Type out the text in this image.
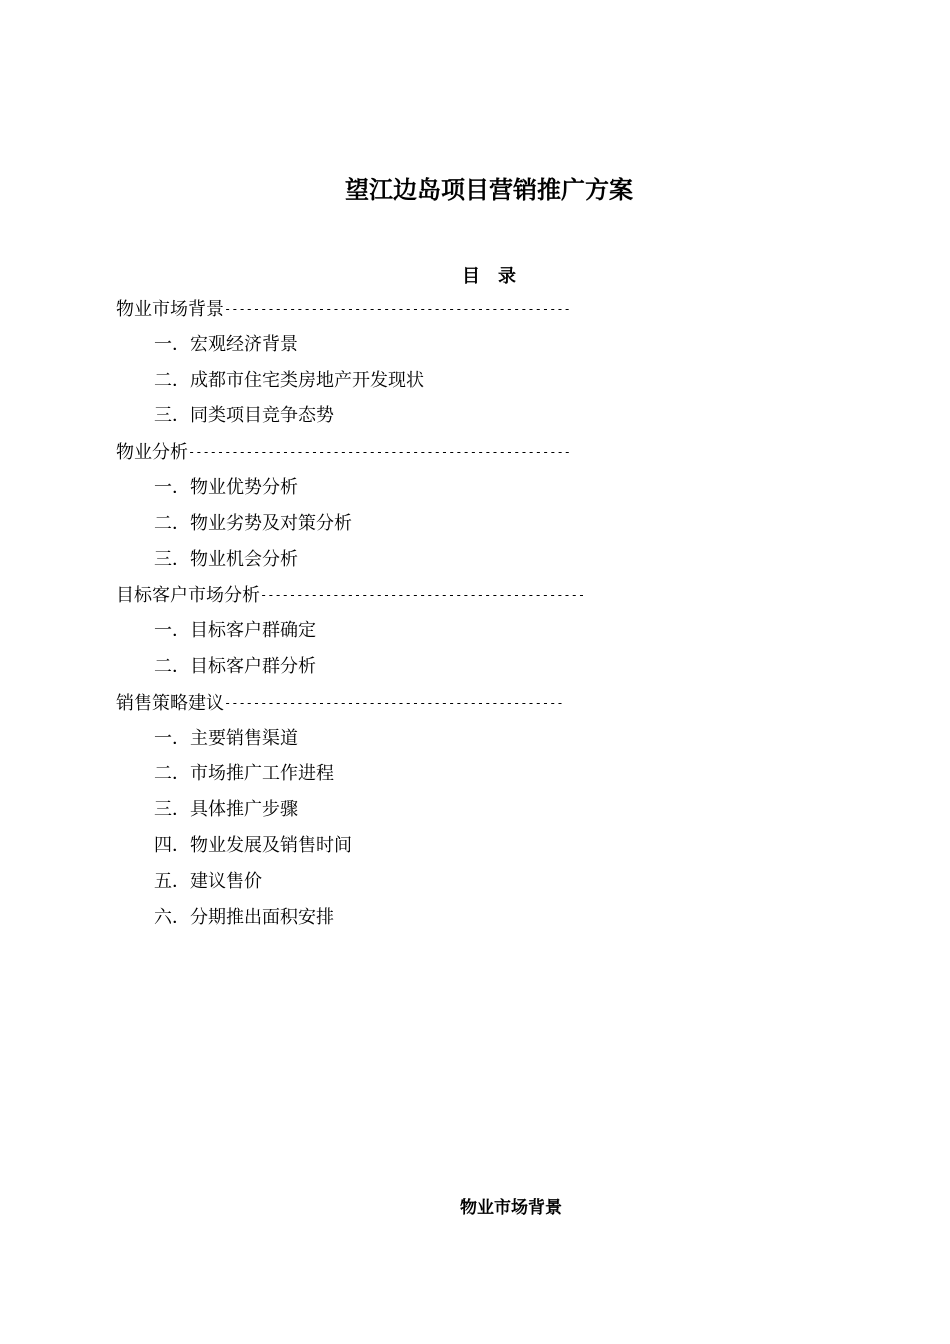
望江边岛项目营销推广方案
目 录
物业市场背景------------------------------------------------
一．宏观经济背景
二．成都市住宅类房地产开发现状
三．同类项目竞争态势
物业分析-----------------------------------------------------
一．物业优势分析
二．物业劣势及对策分析
三．物业机会分析
目标客户市场分析---------------------------------------------
一．目标客户群确定
二．目标客户群分析
销售策略建议-----------------------------------------------
一．主要销售渠道
二．市场推广工作进程
三．具体推广步骤
四．物业发展及销售时间
五．建议售价
六．分期推出面积安排
物业市场背景
